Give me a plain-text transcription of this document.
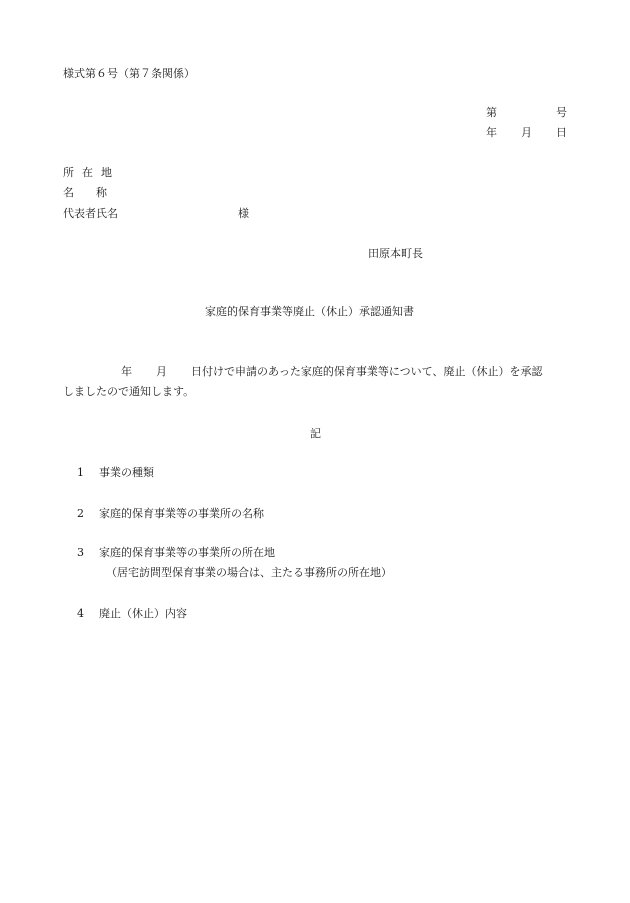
様式第６号（第７条関係）
第	号
年 月 日
所在地
名称
代表者氏名	様
田原本町長
家庭的保育事業等廃止（休止）承認通知書
年 月 日付けで申請のあった家庭的保育事業等について、廃止（休止）を承認
しましたので通知します。
記
1 事業の種類
2 家庭的保育事業等の事業所の名称
3 家庭的保育事業等の事業所の所在地
（居宅訪問型保育事業の場合は、主たる事務所の所在地）
4 廃止（休止）内容
